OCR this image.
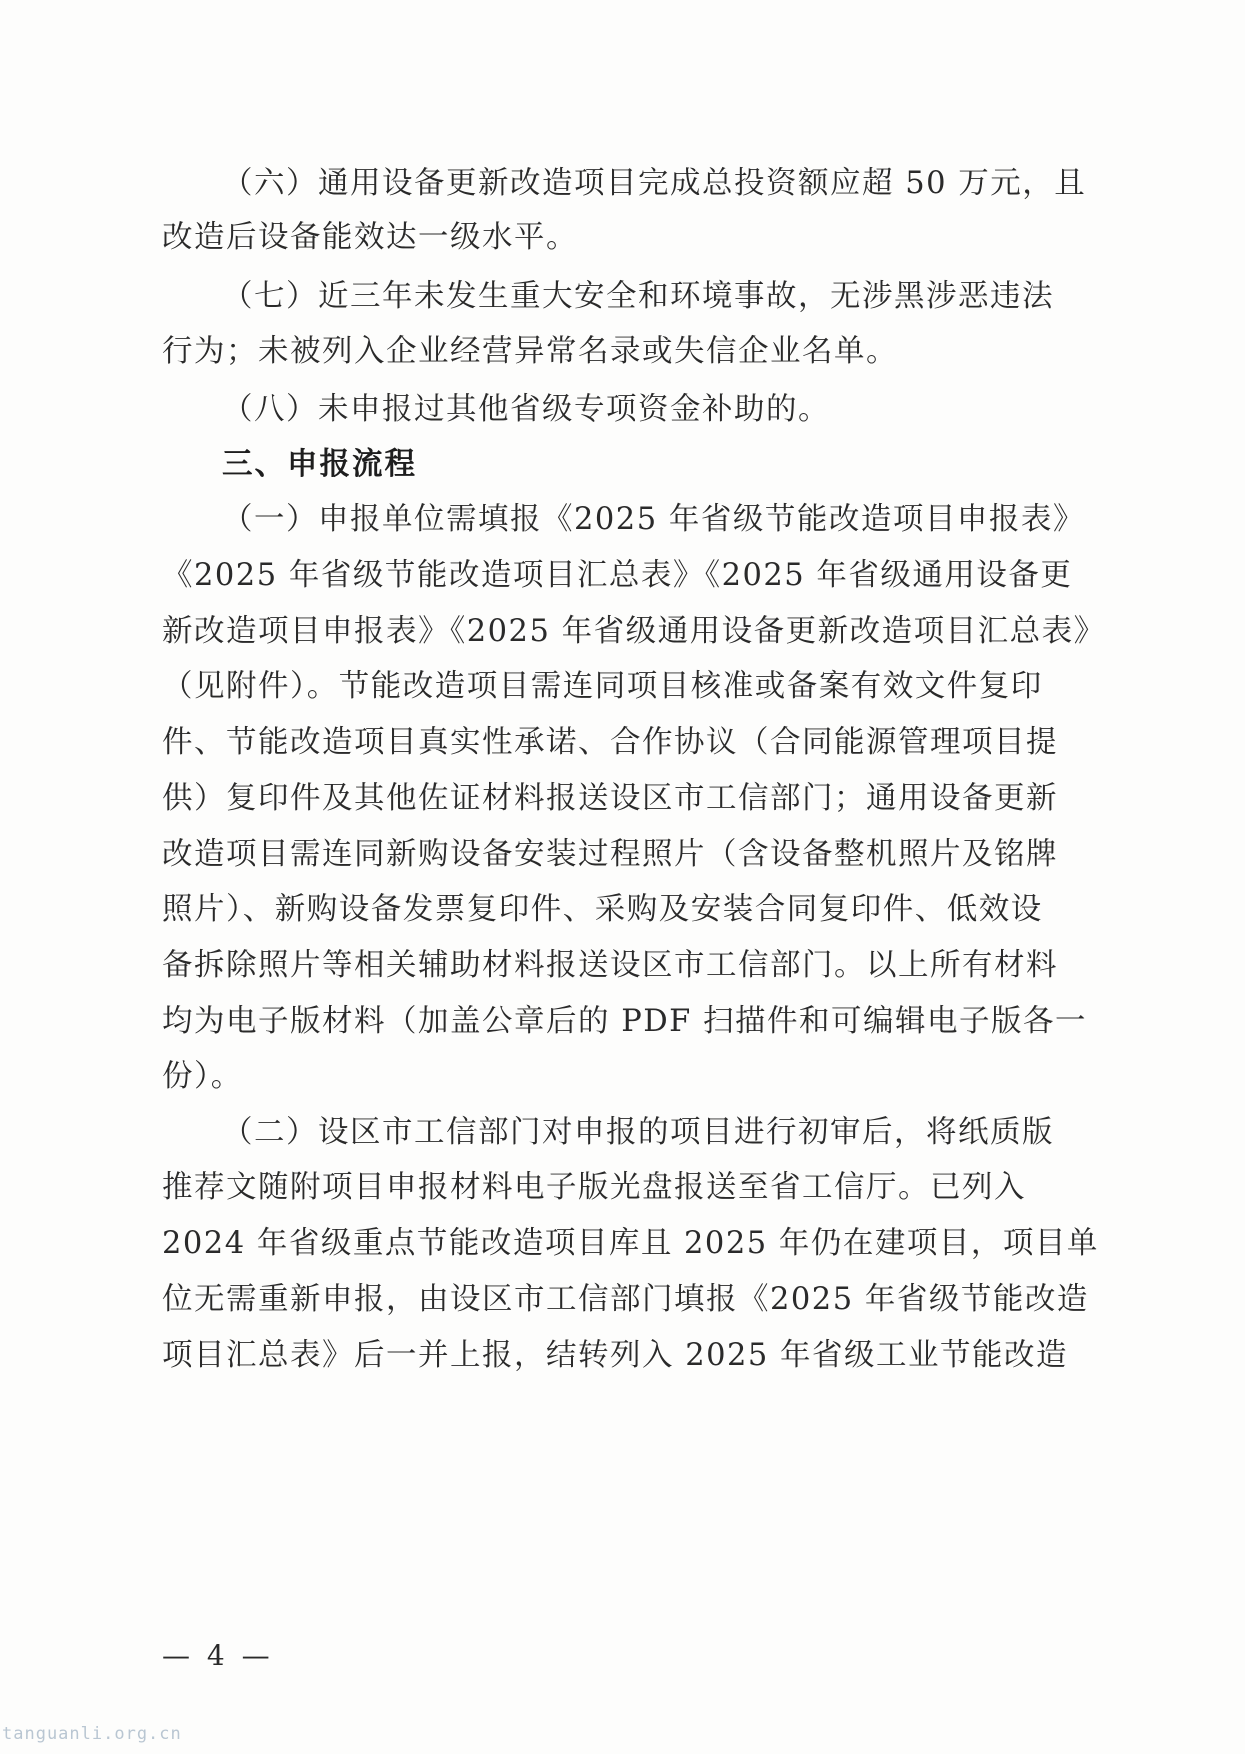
（六）通用设备更新改造项目完成总投资额应超 50 万元，且
改造后设备能效达一级水平。
（七）近三年未发生重大安全和环境事故，无涉黑涉恶违法
行为；未被列入企业经营异常名录或失信企业名单。
（八）未申报过其他省级专项资金补助的。
三、申报流程
（一）申报单位需填报《2025 年省级节能改造项目申报表》
《2025 年省级节能改造项目汇总表》《2025 年省级通用设备更
新改造项目申报表》《2025 年省级通用设备更新改造项目汇总表》
（见附件）。节能改造项目需连同项目核准或备案有效文件复印
件、节能改造项目真实性承诺、合作协议（合同能源管理项目提
供）复印件及其他佐证材料报送设区市工信部门；通用设备更新
改造项目需连同新购设备安装过程照片（含设备整机照片及铭牌
照片）、新购设备发票复印件、采购及安装合同复印件、低效设
备拆除照片等相关辅助材料报送设区市工信部门。以上所有材料
均为电子版材料（加盖公章后的 PDF 扫描件和可编辑电子版各一
份）。
（二）设区市工信部门对申报的项目进行初审后，将纸质版
推荐文随附项目申报材料电子版光盘报送至省工信厅。已列入
2024 年省级重点节能改造项目库且 2025 年仍在建项目，项目单
位无需重新申报，由设区市工信部门填报《2025 年省级节能改造
项目汇总表》后一并上报，结转列入 2025 年省级工业节能改造
— 4 —
tanguanli.org.cn
